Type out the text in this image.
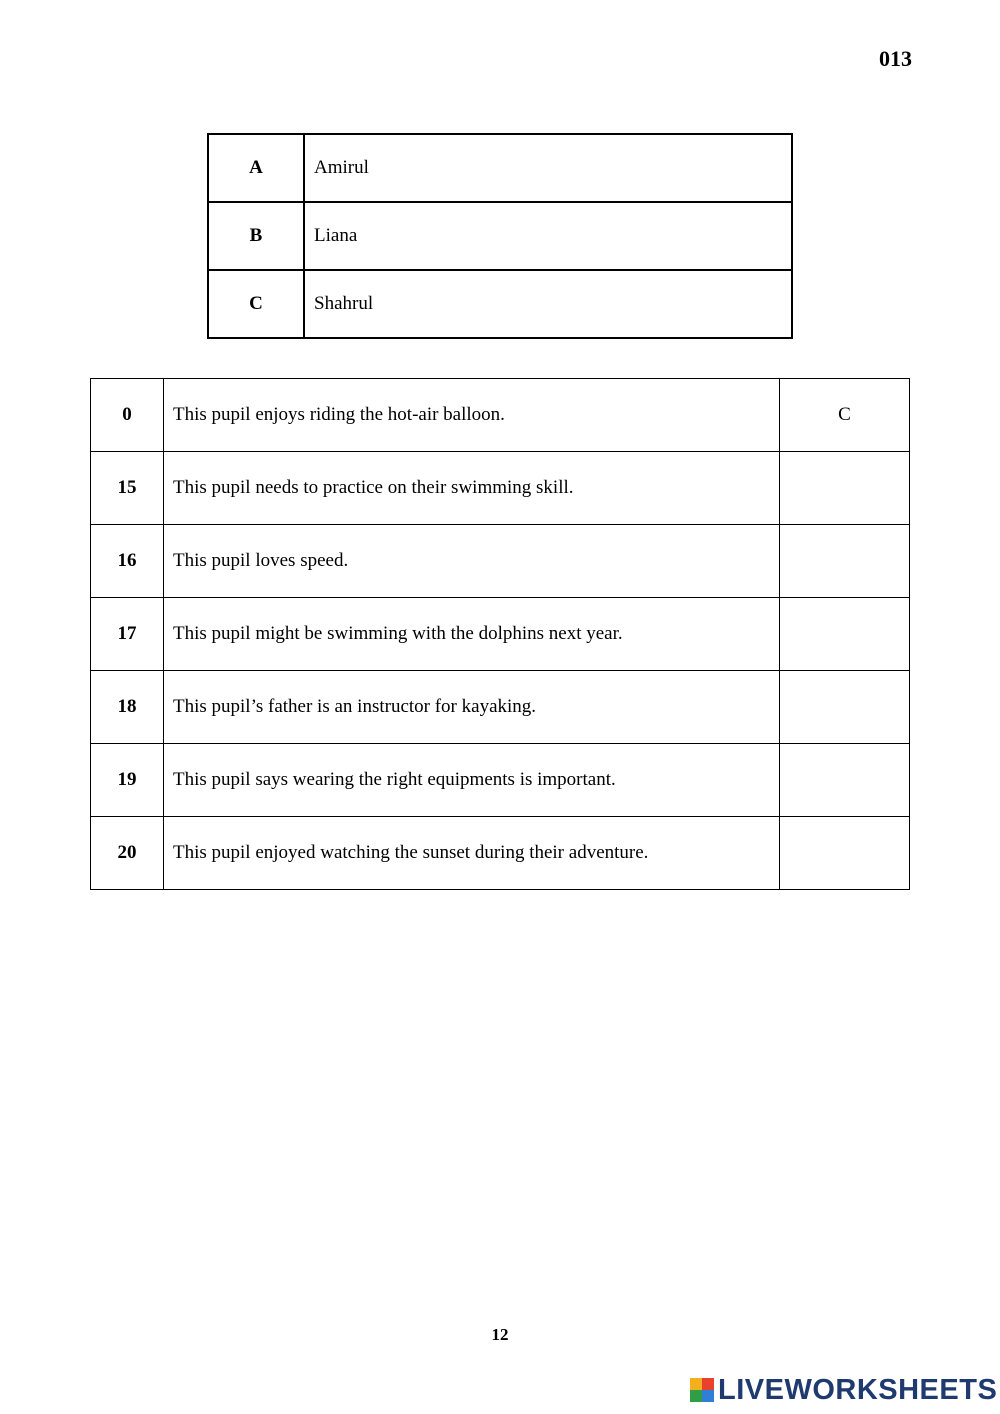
013
A	Amirul
B	Liana
C	Shahrul
0	This pupil enjoys riding the hot-air balloon.	C
15	This pupil needs to practice on their swimming skill.	
16	This pupil loves speed.	
17	This pupil might be swimming with the dolphins next year.	
18	This pupil’s father is an instructor for kayaking.	
19	This pupil says wearing the right equipments is important.	
20	This pupil enjoyed watching the sunset during their adventure.	
12
LIVEWORKSHEETS
